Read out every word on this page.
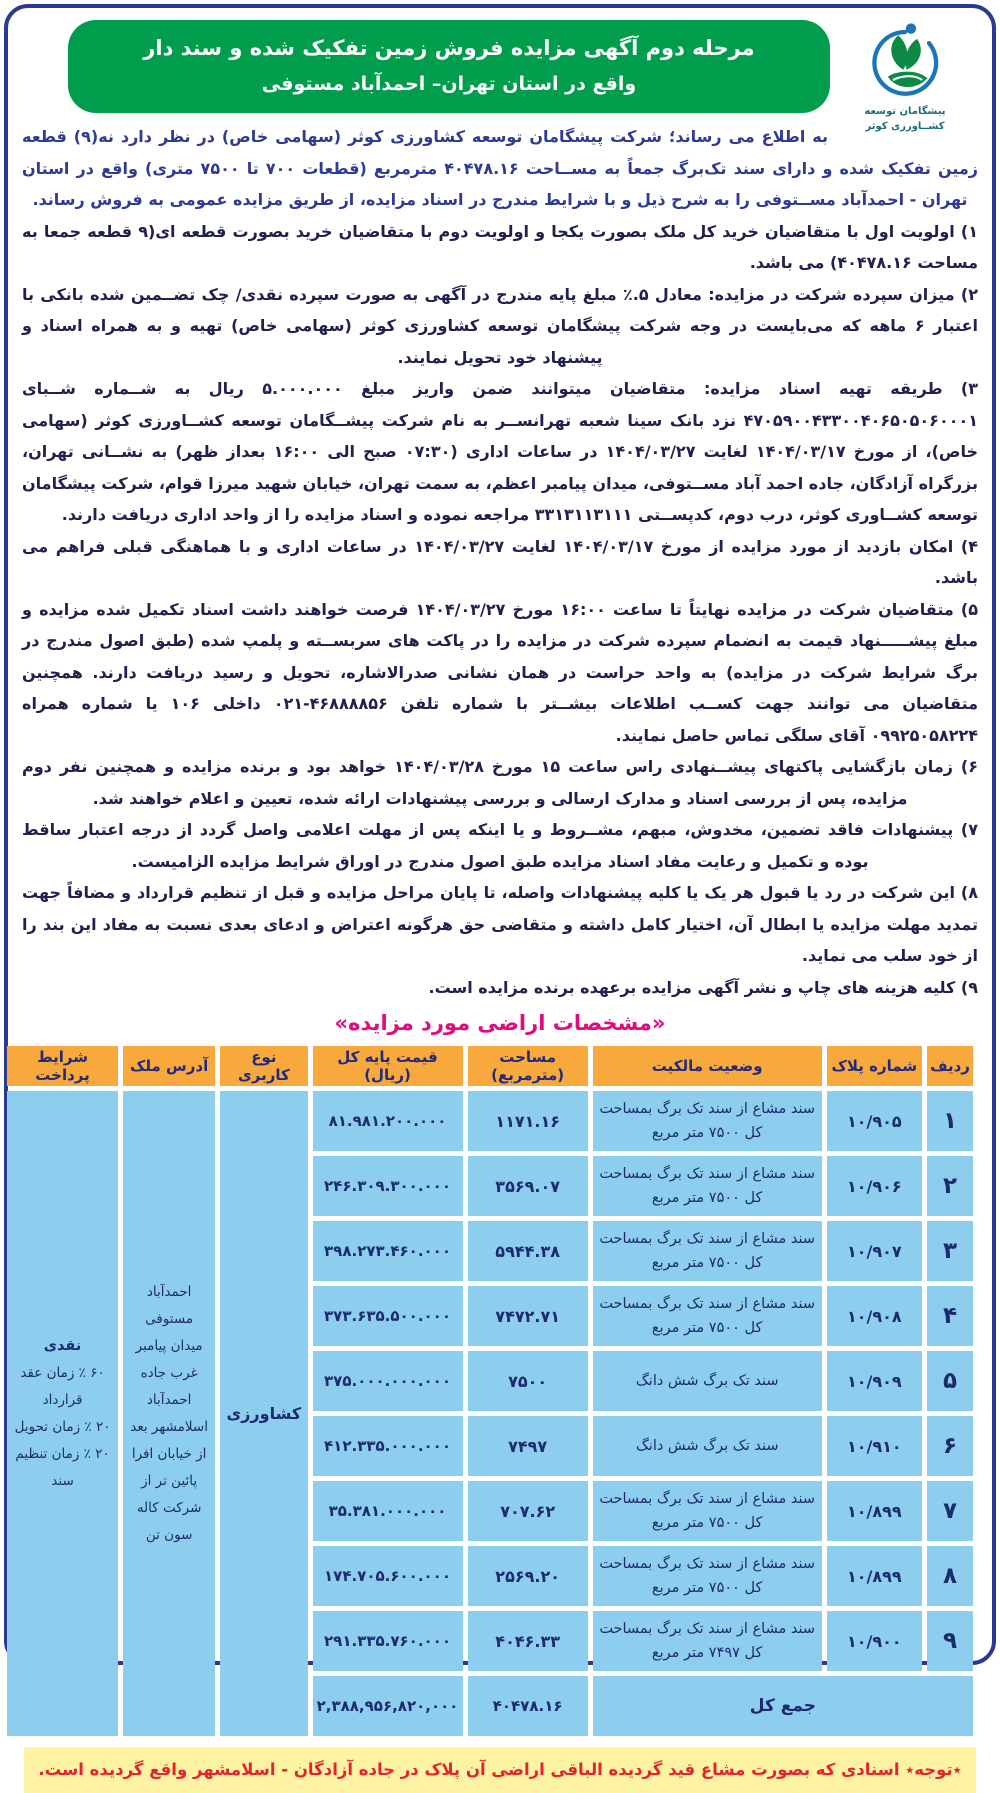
پیشگامان توسعه
کشــاورزی کوثر
مرحله دوم آگهی مزایده فروش زمین تفکیک شده و سند دار
واقع در استان تهران– احمدآباد مستوفی

به اطلاع می رساند؛ شرکت پیشگامان توسعه کشاورزی کوثر (سهامی خاص) در نظر دارد نه(۹) قطعه زمین تفکیک شده و دارای سند تک‌برگ جمعاً به مســاحت ۴۰۴۷۸.۱۶ مترمربع (قطعات ۷۰۰ تا ۷۵۰۰ متری) واقع در استان تهران - احمدآباد مســتوفی را به شرح ذیل و با شرایط مندرج در اسناد مزایده، از طریق مزایده عمومی به فروش رساند.

۱) اولویت اول با متقاضیان خرید کل ملک بصورت یکجا و اولویت دوم با متقاضیان خرید بصورت قطعه ای(۹ قطعه جمعا به مساحت ۴۰۴۷۸.۱۶) می باشد.

۲) میزان سپرده شرکت در مزایده: معادل ۵.٪ مبلغ پایه مندرج در آگهی به صورت سپرده نقدی/ چک تضــمین شده بانکی با اعتبار ۶ ماهه که می‌بایست در وجه شرکت پیشگامان توسعه کشاورزی کوثر (سهامی خاص) تهیه و به همراه اسناد و پیشنهاد خود تحویل نمایند.

۳) طریقه تهیه اسناد مزایده: متقاضیان میتوانند ضمن واریز مبلغ ۵.۰۰۰.۰۰۰ ریال به شــماره شــبای ۴۷۰۵۹۰۰۴۳۳۰۰۴۰۶۵۰۵۰۶۰۰۰۱ نزد بانک سینا شعبه تهرانســر به نام شرکت پیشــگامان توسعه کشــاورزی کوثر (سهامی خاص)، از مورخ ۱۴۰۴/۰۳/۱۷ لغایت ۱۴۰۴/۰۳/۲۷ در ساعات اداری (۰۷:۳۰ صبح الی ۱۶:۰۰ بعداز ظهر) به نشــانی تهران، بزرگراه آزادگان، جاده احمد آباد مســتوفی، میدان پیامبر اعظم، به سمت تهران، خیابان شهید میرزا قوام، شرکت پیشگامان توسعه کشــاوری کوثر، درب دوم، کدپســتی ۳۳۱۳۱۱۳۱۱۱ مراجعه نموده و اسناد مزایده را از واحد اداری دریافت دارند.

۴) امکان بازدید از مورد مزایده از مورخ ۱۴۰۴/۰۳/۱۷ لغایت ۱۴۰۴/۰۳/۲۷ در ساعات اداری و با هماهنگی قبلی فراهم می باشد.

۵) متقاضیان شرکت در مزایده نهایتاً تا ساعت ۱۶:۰۰ مورخ ۱۴۰۴/۰۳/۲۷ فرصت خواهند داشت اسناد تکمیل شده مزایده و مبلغ پیشـــــنهاد قیمت به انضمام سپرده شرکت در مزایده را در پاکت های سربســته و پلمپ شده (طبق اصول مندرج در برگ شرایط شرکت در مزایده) به واحد حراست در همان نشانی صدرالاشاره، تحویل و رسید دریافت دارند. همچنین متقاضیان می توانند جهت کســب اطلاعات بیشــتر با شماره تلفن ۴۶۸۸۸۸۵۶-۰۲۱ داخلی ۱۰۶ یا شماره همراه ۰۹۹۲۵۰۵۸۲۲۴ آقای سلگی تماس حاصل نمایند.

۶) زمان بازگشایی پاکتهای پیشــنهادی راس ساعت ۱۵ مورخ ۱۴۰۴/۰۳/۲۸ خواهد بود و برنده مزایده و همچنین نفر دوم مزایده، پس از بررسی اسناد و مدارک ارسالی و بررسی پیشنهادات ارائه شده، تعیین و اعلام خواهند شد.

۷) پیشنهادات فاقد تضمین، مخدوش، مبهم، مشــروط و یا اینکه پس از مهلت اعلامی واصل گردد از درجه اعتبار ساقط بوده و تکمیل و رعایت مفاد اسناد مزایده طبق اصول مندرج در اوراق شرایط مزایده الزامیست.

۸) این شرکت در رد یا قبول هر یک یا کلیه پیشنهادات واصله، تا پایان مراحل مزایده و قبل از تنظیم قرارداد و مضافاً جهت تمدید مهلت مزایده یا ابطال آن، اختیار کامل داشته و متقاضی حق هرگونه اعتراض و ادعای بعدی نسبت به مفاد این بند را از خود سلب می نماید.

۹) کلیه هزینه های چاپ و نشر آگهی مزایده برعهده برنده مزایده است.

«مشخصات اراضی مورد مزایده»
ردیف	شماره پلاک	وضعیت مالکیت	مساحت (مترمربع)	قیمت پایه کل (ریال)	نوع کاربری	آدرس ملک	شرایط پرداخت
۱	۱۰/۹۰۵	سند مشاع از سند تک برگ بمساحت کل ۷۵۰۰ متر مربع	۱۱۷۱.۱۶	۸۱.۹۸۱.۲۰۰.۰۰۰	کشاورزی	احمدآباد مستوفی میدان پیامبر غرب جاده احمدآباد اسلامشهر بعد از خیابان افرا پائین تر از شرکت کاله سون تن	نقدی
۶۰ ٪ زمان عقد قرارداد
۲۰ ٪ زمان تحویل
۲۰ ٪ زمان تنظیم سند

۲	۱۰/۹۰۶	سند مشاع از سند تک برگ بمساحت کل ۷۵۰۰ متر مربع	۳۵۶۹.۰۷	۲۴۶.۳۰۹.۳۰۰.۰۰۰			
۳	۱۰/۹۰۷	سند مشاع از سند تک برگ بمساحت کل ۷۵۰۰ متر مربع	۵۹۴۴.۳۸	۳۹۸.۲۷۳.۴۶۰.۰۰۰			
۴	۱۰/۹۰۸	سند مشاع از سند تک برگ بمساحت کل ۷۵۰۰ متر مربع	۷۴۷۲.۷۱	۳۷۳.۶۳۵.۵۰۰.۰۰۰			
۵	۱۰/۹۰۹	سند تک برگ شش دانگ	۷۵۰۰	۳۷۵.۰۰۰.۰۰۰.۰۰۰			
۶	۱۰/۹۱۰	سند تک برگ شش دانگ	۷۴۹۷	۴۱۲.۳۳۵.۰۰۰.۰۰۰			
۷	۱۰/۸۹۹	سند مشاع از سند تک برگ بمساحت کل ۷۵۰۰ متر مربع	۷۰۷.۶۲	۳۵.۳۸۱.۰۰۰.۰۰۰			
۸	۱۰/۸۹۹	سند مشاع از سند تک برگ بمساحت کل ۷۵۰۰ متر مربع	۲۵۶۹.۲۰	۱۷۴.۷۰۵.۶۰۰.۰۰۰			
۹	۱۰/۹۰۰	سند مشاع از سند تک برگ بمساحت کل ۷۴۹۷ متر مربع	۴۰۴۶.۳۳	۲۹۱.۳۳۵.۷۶۰.۰۰۰			
جمع کل			۴۰۴۷۸.۱۶	۲,۳۸۸,۹۵۶,۸۲۰,۰۰۰			
٭توجه٭ اسنادی که بصورت مشاع قید گردیده الباقی اراضی آن پلاک در جاده آزادگان - اسلامشهر واقع گردیده است.
